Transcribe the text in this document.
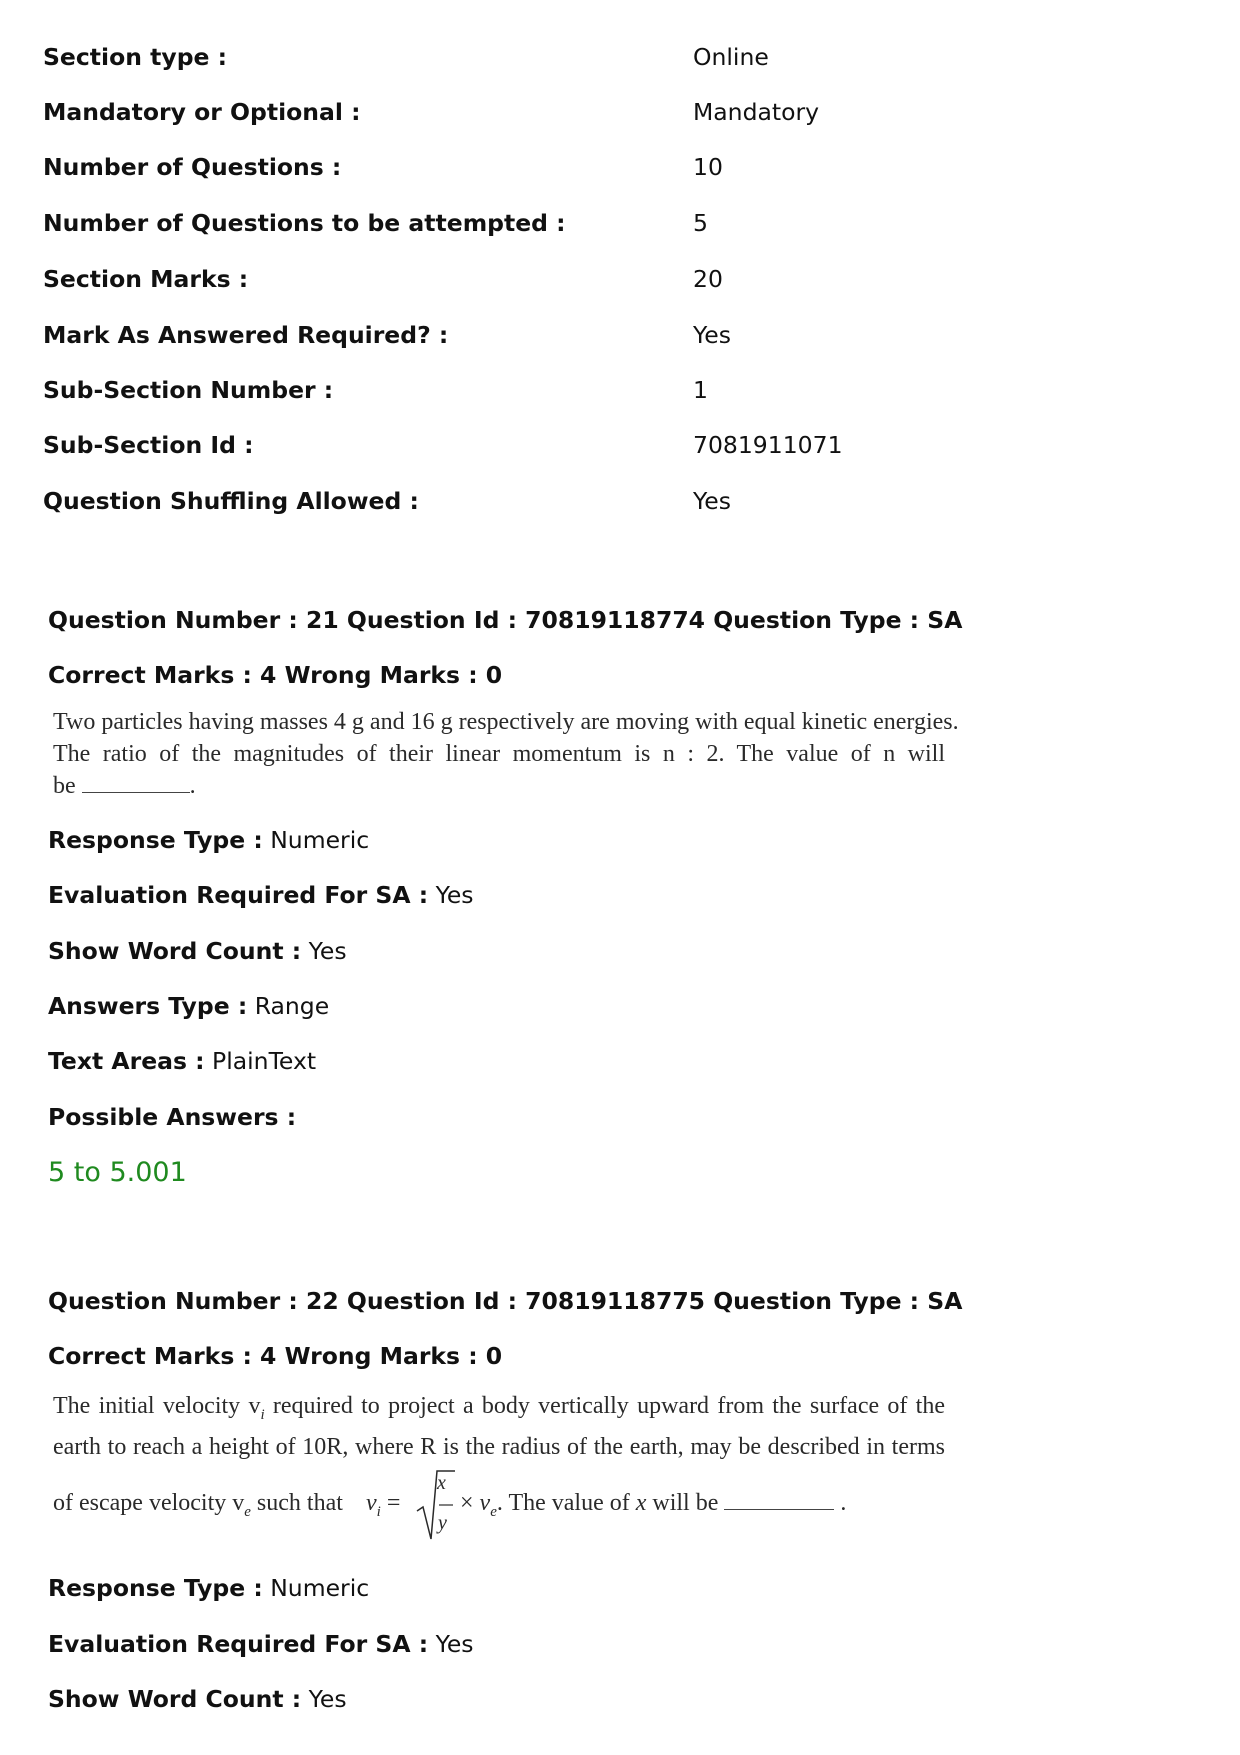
Section type :	Online
Mandatory or Optional :	Mandatory
Number of Questions :	10
Number of Questions to be attempted :	5
Section Marks :	20
Mark As Answered Required? :	Yes
Sub-Section Number :	1
Sub-Section Id :	7081911071
Question Shuffling Allowed :	Yes
Question Number : 21 Question Id : 70819118774 Question Type : SA
Correct Marks : 4 Wrong Marks : 0
Two particles having masses 4 g and 16 g respectively are moving with equal kinetic energies.
The ratio of the magnitudes of their linear momentum is n : 2. The value of n will
be	.
Response Type : Numeric
Evaluation Required For SA : Yes
Show Word Count : Yes
Answers Type : Range
Text Areas : PlainText
Possible Answers :
5 to 5.001
Question Number : 22 Question Id : 70819118775 Question Type : SA
Correct Marks : 4 Wrong Marks : 0
The initial velocity $v_i$ required to project a body vertically upward from the surface of the
earth to reach a height of 10R, where R is the radius of the earth, may be described in terms
of escape velocity $v_e$ such that $v_i$ =
x
y
× $v_e$. The value of x will be	.
Response Type : Numeric
Evaluation Required For SA : Yes
Show Word Count : Yes
